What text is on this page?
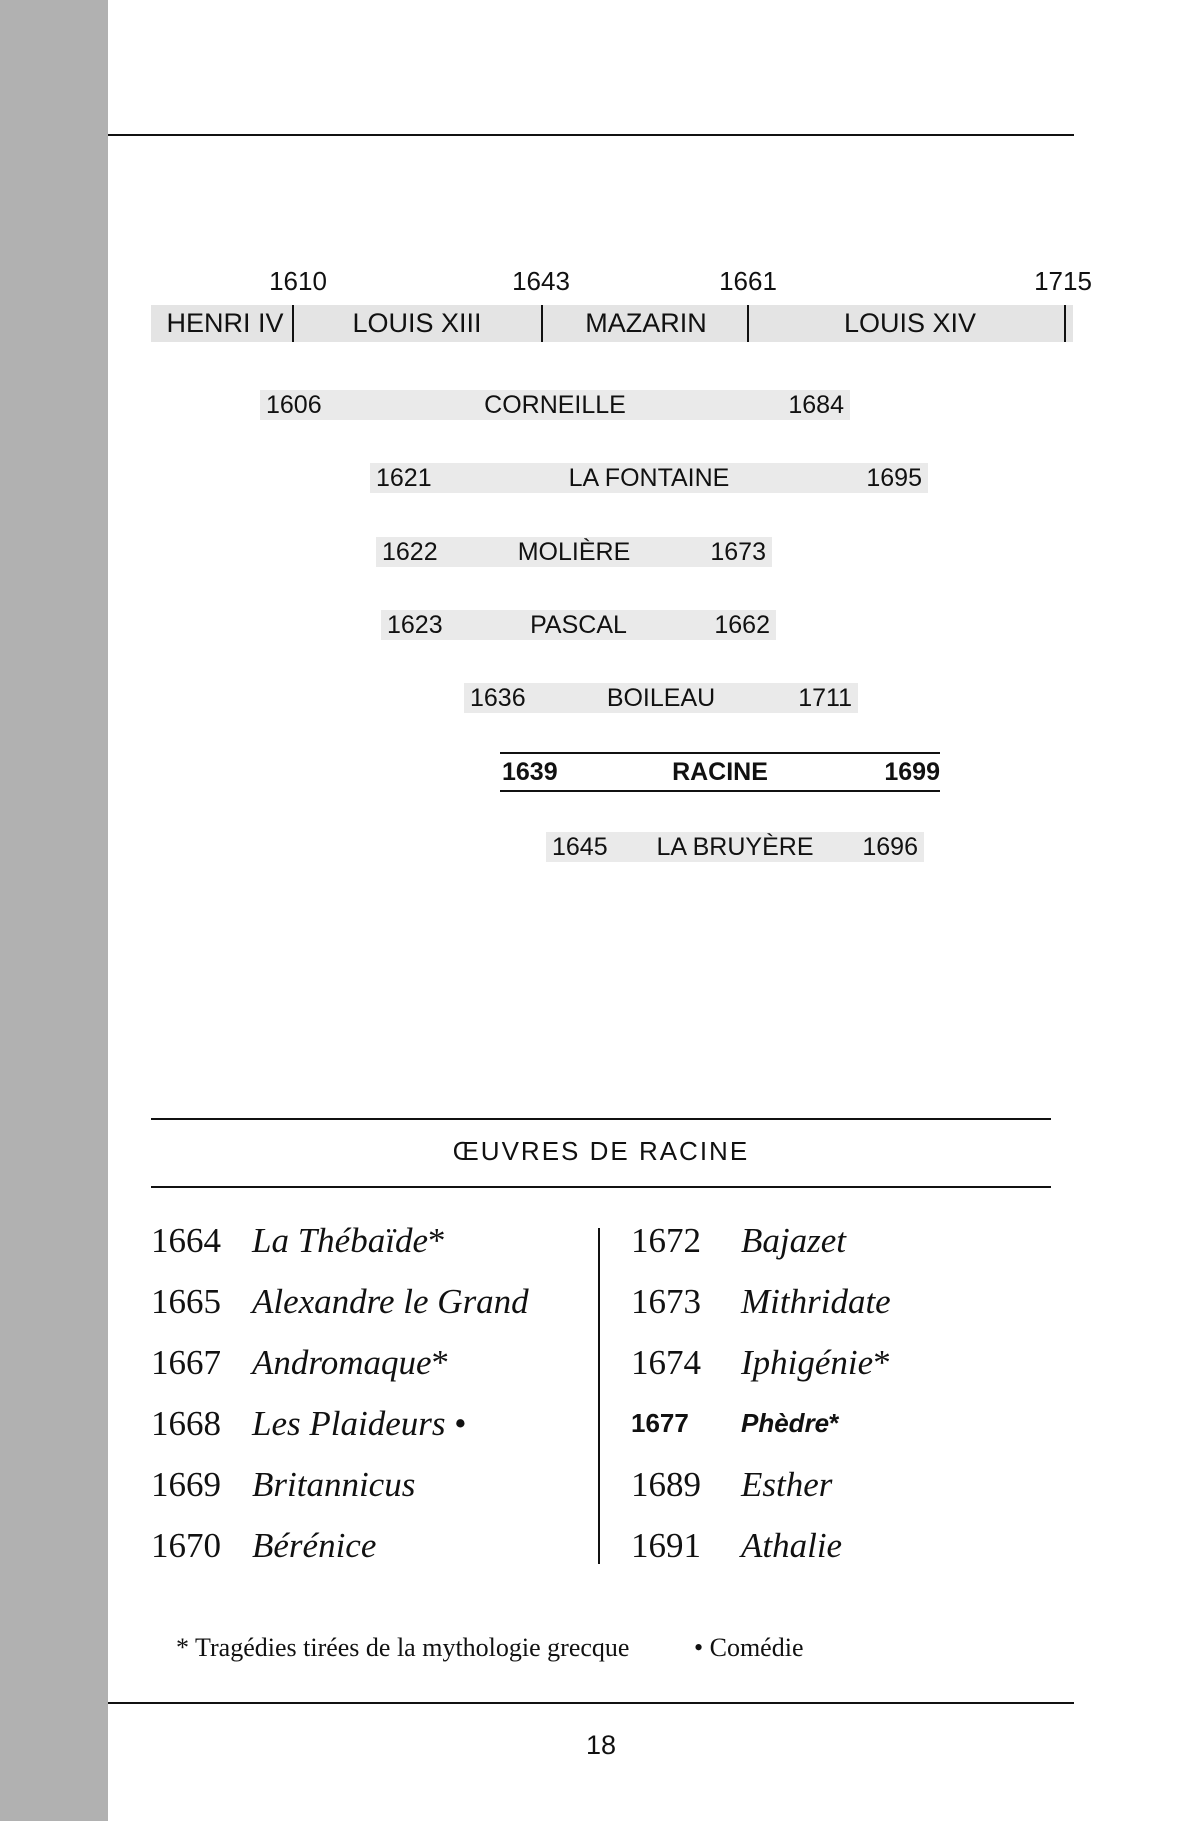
1610	1643	1661	1715
HENRI IV	LOUIS XIII	MAZARIN	LOUIS XIV
1606	CORNEILLE	1684
1621	LA FONTAINE	1695
1622	MOLIÈRE	1673
1623	PASCAL	1662
1636	BOILEAU	1711
1639	RACINE	1699
1645 LA BRUYÈRE 1696
ŒUVRES DE RACINE
1664 La Thébaïde*
1665 Alexandre le Grand
1667 Andromaque*
1668 Les Plaideurs •
1669 Britannicus
1670 Bérénice
1672 Bajazet
1673 Mithridate
1674 Iphigénie*
1677 Phèdre*
1689 Esther
1691 Athalie
* Tragédies tirées de la mythologie grecque • Comédie
18
